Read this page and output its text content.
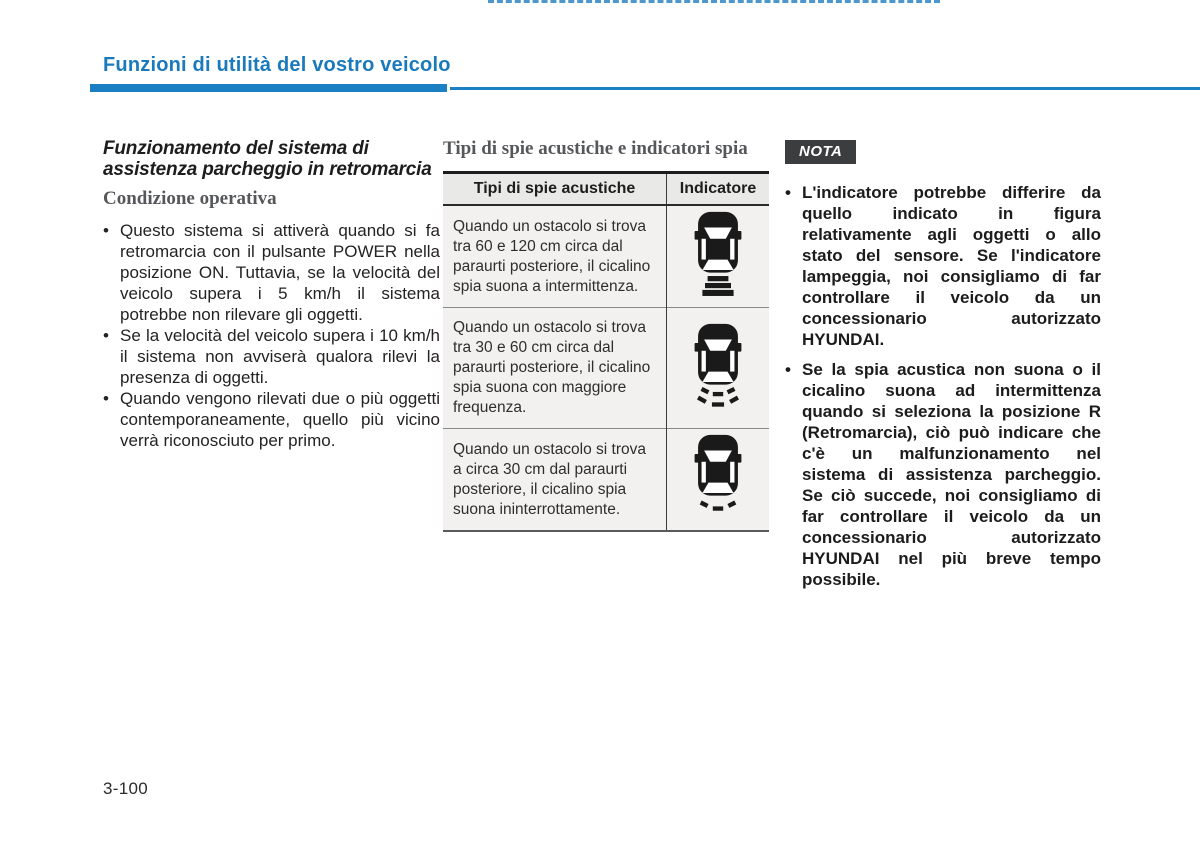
Funzioni di utilità del vostro veicolo
Funzionamento del sistema di assistenza parcheggio in retromarcia
Condizione operativa
• Questo sistema si attiverà quando si fa retromarcia con il pulsante POWER nella posizione ON. Tuttavia, se la velocità del veicolo supera i 5 km/h il sistema potrebbe non rilevare gli oggetti.
• Se la velocità del veicolo supera i 10 km/h il sistema non avviserà qualora rilevi la presenza di oggetti.
• Quando vengono rilevati due o più oggetti contemporaneamente, quello più vicino verrà riconosciuto per primo.
Tipi di spie acustiche e indicatori spia
Tipi di spie acustiche	Indicatore
Quando un ostacolo si trova tra 60 e 120 cm circa dal paraurti posteriore, il cicalino spia suona a intermittenza.	
Quando un ostacolo si trova tra 30 e 60 cm circa dal paraurti posteriore, il cicalino spia suona con maggiore frequenza.	
Quando un ostacolo si trova a circa 30 cm dal paraurti posteriore, il cicalino spia suona ininterrottamente.	
NOTA
• L'indicatore potrebbe differire da quello indicato in figura relativamente agli oggetti o allo stato del sensore. Se l'indicatore lampeggia, noi consigliamo di far controllare il veicolo da un concessionario autorizzato HYUNDAI.
• Se la spia acustica non suona o il cicalino suona ad intermittenza quando si seleziona la posizione R (Retromarcia), ciò può indicare che c'è un malfunzionamento nel sistema di assistenza parcheggio. Se ciò succede, noi consigliamo di far controllare il veicolo da un concessionario autorizzato HYUNDAI nel più breve tempo possibile.
3-100
